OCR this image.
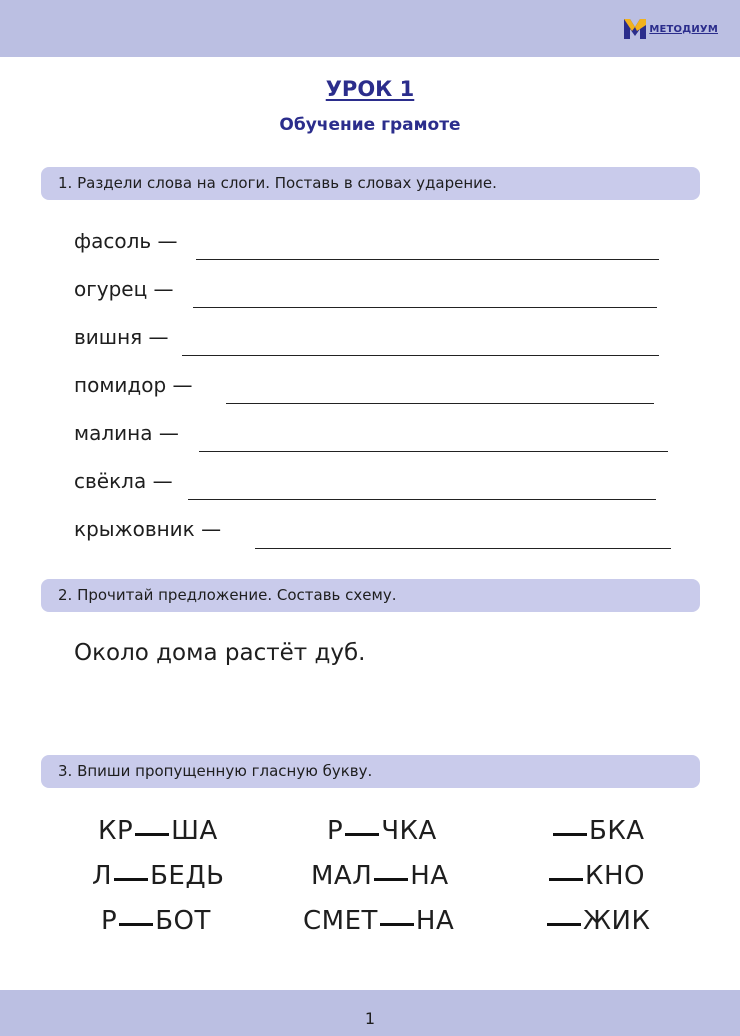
МЕТОДИУМ
УРОК 1
Обучение грамоте
1. Раздели слова на слоги. Поставь в словах ударение.
фасоль —
огурец —
вишня —
помидор —
малина —
свёкла —
крыжовник —
2. Прочитай предложение. Составь схему.
Около дома растёт дуб.
3. Впиши пропущенную гласную букву.
КР ША	Р ЧКА	БКА
Л БЕДЬ	МАЛ НА	КНО
Р БОТ	СМЕТ НА	ЖИК
1
